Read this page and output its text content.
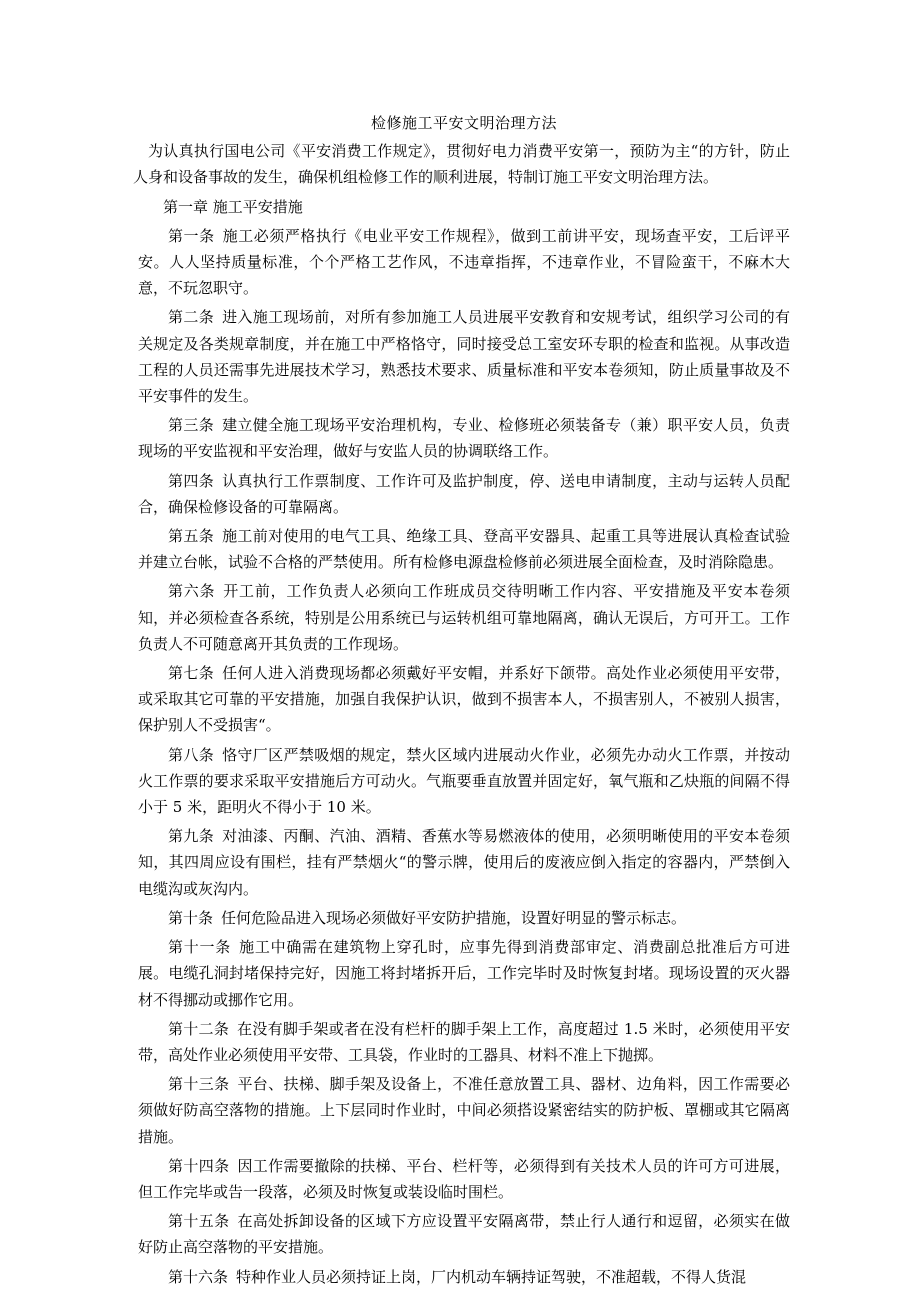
检修施工平安文明治理方法

为认真执行国电公司《平安消费工作规定》，贯彻好电力消费平安第一，预防为主“的方针，防止人身和设备事故的发生，确保机组检修工作的顺利进展，特制订施工平安文明治理方法。

第一章 施工平安措施

第一条 施工必须严格执行《电业平安工作规程》，做到工前讲平安，现场查平安，工后评平安。人人坚持质量标准，个个严格工艺作风，不违章指挥，不违章作业，不冒险蛮干，不麻木大意，不玩忽职守。

第二条 进入施工现场前，对所有参加施工人员进展平安教育和安规考试，组织学习公司的有关规定及各类规章制度，并在施工中严格恪守，同时接受总工室安环专职的检查和监视。从事改造工程的人员还需事先进展技术学习，熟悉技术要求、质量标准和平安本卷须知，防止质量事故及不平安事件的发生。

第三条 建立健全施工现场平安治理机构，专业、检修班必须装备专（兼）职平安人员，负责现场的平安监视和平安治理，做好与安监人员的协调联络工作。

第四条 认真执行工作票制度、工作许可及监护制度，停、送电申请制度，主动与运转人员配合，确保检修设备的可靠隔离。

第五条 施工前对使用的电气工具、绝缘工具、登高平安器具、起重工具等进展认真检查试验并建立台帐，试验不合格的严禁使用。所有检修电源盘检修前必须进展全面检查，及时消除隐患。

第六条 开工前，工作负责人必须向工作班成员交待明晰工作内容、平安措施及平安本卷须知，并必须检查各系统，特别是公用系统已与运转机组可靠地隔离，确认无误后，方可开工。工作负责人不可随意离开其负责的工作现场。

第七条 任何人进入消费现场都必须戴好平安帽，并系好下颌带。高处作业必须使用平安带，或采取其它可靠的平安措施，加强自我保护认识，做到不损害本人，不损害别人，不被别人损害，保护别人不受损害“。

第八条 恪守厂区严禁吸烟的规定，禁火区域内进展动火作业，必须先办动火工作票，并按动火工作票的要求采取平安措施后方可动火。气瓶要垂直放置并固定好，氧气瓶和乙炔瓶的间隔不得小于 5 米，距明火不得小于 10 米。

第九条 对油漆、丙酮、汽油、酒精、香蕉水等易燃液体的使用，必须明晰使用的平安本卷须知，其四周应设有围栏，挂有严禁烟火“的警示牌，使用后的废液应倒入指定的容器内，严禁倒入电缆沟或灰沟内。

第十条 任何危险品进入现场必须做好平安防护措施，设置好明显的警示标志。

第十一条 施工中确需在建筑物上穿孔时，应事先得到消费部审定、消费副总批准后方可进展。电缆孔洞封堵保持完好，因施工将封堵拆开后，工作完毕时及时恢复封堵。现场设置的灭火器材不得挪动或挪作它用。

第十二条 在没有脚手架或者在没有栏杆的脚手架上工作，高度超过 1.5 米时，必须使用平安带，高处作业必须使用平安带、工具袋，作业时的工器具、材料不准上下抛掷。

第十三条 平台、扶梯、脚手架及设备上，不准任意放置工具、器材、边角料，因工作需要必须做好防高空落物的措施。上下层同时作业时，中间必须搭设紧密结实的防护板、罩棚或其它隔离措施。

第十四条 因工作需要撤除的扶梯、平台、栏杆等，必须得到有关技术人员的许可方可进展，但工作完毕或告一段落，必须及时恢复或装设临时围栏。

第十五条 在高处拆卸设备的区域下方应设置平安隔离带，禁止行人通行和逗留，必须实在做好防止高空落物的平安措施。

第十六条 特种作业人员必须持证上岗，厂内机动车辆持证驾驶，不准超载，不得人货混
